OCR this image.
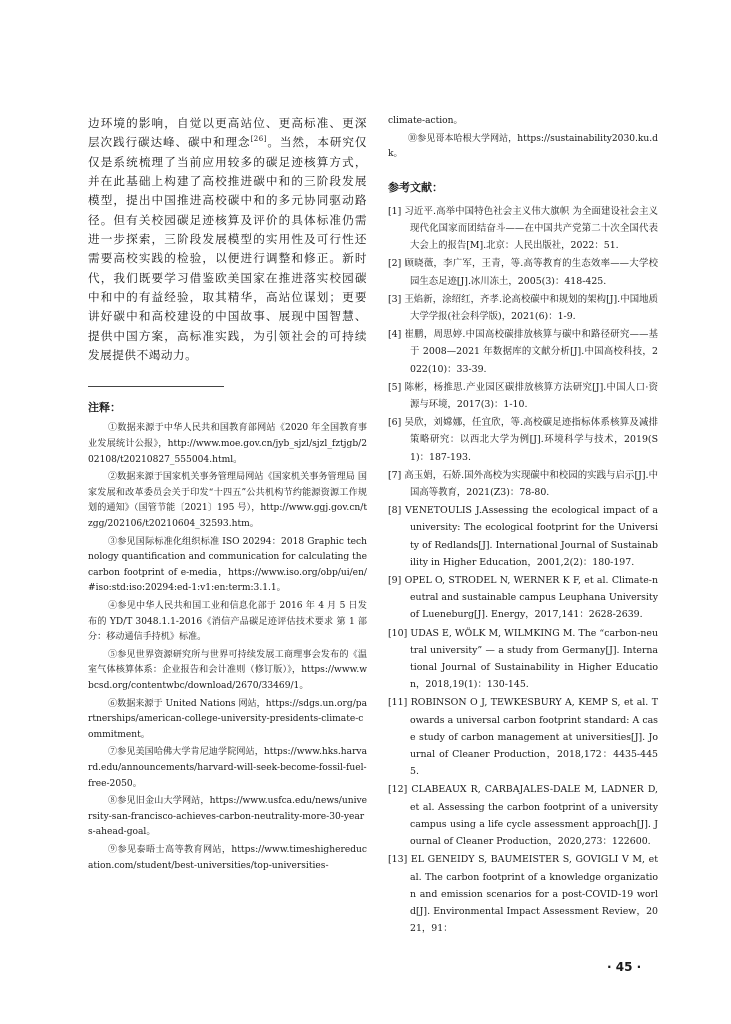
边环境的影响，自觉以更高站位、更高标准、更深层次践行碳达峰、碳中和理念[26]。当然，本研究仅仅是系统梳理了当前应用较多的碳足迹核算方式，并在此基础上构建了高校推进碳中和的三阶段发展模型，提出中国推进高校碳中和的多元协同驱动路径。但有关校园碳足迹核算及评价的具体标准仍需进一步探索，三阶段发展模型的实用性及可行性还需要高校实践的检验，以便进行调整和修正。新时代，我们既要学习借鉴欧美国家在推进落实校园碳中和中的有益经验，取其精华，高站位谋划；更要讲好碳中和高校建设的中国故事、展现中国智慧、提供中国方案，高标准实践，为引领社会的可持续发展提供不竭动力。

注释：

①数据来源于中华人民共和国教育部网站《2020 年全国教育事业发展统计公报》，http://www.moe.gov.cn/jyb_sjzl/sjzl_fztjgb/202108/t20210827_555004.html。

②数据来源于国家机关事务管理局网站《国家机关事务管理局 国家发展和改革委员会关于印发“十四五”公共机构节约能源资源工作规划的通知》（国管节能〔2021〕195 号），http://www.ggj.gov.cn/tzgg/202106/t20210604_32593.htm。

③参见国际标准化组织标准 ISO 20294：2018 Graphic technology quantification and communication for calculating the carbon footprint of e-media，https://www.iso.org/obp/ui/en/#iso:std:iso:20294:ed-1:v1:en:term:3.1.1。

④参见中华人民共和国工业和信息化部于 2016 年 4 月 5 日发布的 YD/T 3048.1.1-2016《消信产品碳足迹评估技术要求 第 1 部分：移动通信手持机》标准。

⑤参见世界资源研究所与世界可持续发展工商理事会发布的《温室气体核算体系：企业报告和会计准则（修订版）》，https://www.wbcsd.org/contentwbc/download/2670/33469/1。

⑥数据来源于 United Nations 网站，https://sdgs.un.org/partnerships/american-college-university-presidents-climate-commitment。

⑦参见美国哈佛大学肯尼迪学院网站，https://www.hks.harvard.edu/announcements/harvard-will-seek-become-fossil-fuel-free-2050。

⑧参见旧金山大学网站，https://www.usfca.edu/news/university-san-francisco-achieves-carbon-neutrality-more-30-years-ahead-goal。

⑨参见泰晤士高等教育网站，https://www.timeshighereducation.com/student/best-universities/top-universities-

climate-action。

⑩参见哥本哈根大学网站，https://sustainability2030.ku.dk。

参考文献：

[1] 习近平.高举中国特色社会主义伟大旗帜 为全面建设社会主义现代化国家而团结奋斗——在中国共产党第二十次全国代表大会上的报告[M].北京：人民出版社，2022：51.

[2] 顾晓薇，李广军，王青，等.高等教育的生态效率——大学校园生态足迹[J].冰川冻土，2005(3)：418-425.

[3] 王焰新，涂绍红，齐孝.论高校碳中和规划的架构[J].中国地质大学学报(社会科学版)，2021(6)：1-9.

[4] 崔鹏，周思婷.中国高校碳排放核算与碳中和路径研究——基于 2008—2021 年数据库的文献分析[J].中国高校科技，2022(10)：33-39.

[5] 陈彬，杨推思.产业园区碳排放核算方法研究[J].中国人口·资源与环境，2017(3)：1-10.

[6] 吴欣，刘嫦娜，任宜欣，等.高校碳足迹指标体系核算及减排策略研究：以西北大学为例[J].环境科学与技术，2019(S1)：187-193.

[7] 高玉娟，石娇.国外高校为实现碳中和校园的实践与启示[J].中国高等教育，2021(Z3)：78-80.

[8] VENETOULIS J.Assessing the ecological impact of a university: The ecological footprint for the University of Redlands[J]. International Journal of Sustainability in Higher Education，2001,2(2)：180-197.

[9] OPEL O, STRODEL N, WERNER K F, et al. Climate-neutral and sustainable campus Leuphana University of Lueneburg[J]. Energy，2017,141：2628-2639.

[10] UDAS E, WÖLK M, WILMKING M. The “carbon-neutral university” — a study from Germany[J]. International Journal of Sustainability in Higher Education，2018,19(1)：130-145.

[11] ROBINSON O J, TEWKESBURY A, KEMP S, et al. Towards a universal carbon footprint standard: A case study of carbon management at universities[J]. Journal of Cleaner Production，2018,172：4435-4455.

[12] CLABEAUX R, CARBAJALES-DALE M, LADNER D, et al. Assessing the carbon footprint of a university campus using a life cycle assessment approach[J]. Journal of Cleaner Production，2020,273：122600.

[13] EL GENEIDY S, BAUMEISTER S, GOVIGLI V M, et al. The carbon footprint of a knowledge organization and emission scenarios for a post-COVID-19 world[J]. Environmental Impact Assessment Review，2021，91：

· 45 ·
